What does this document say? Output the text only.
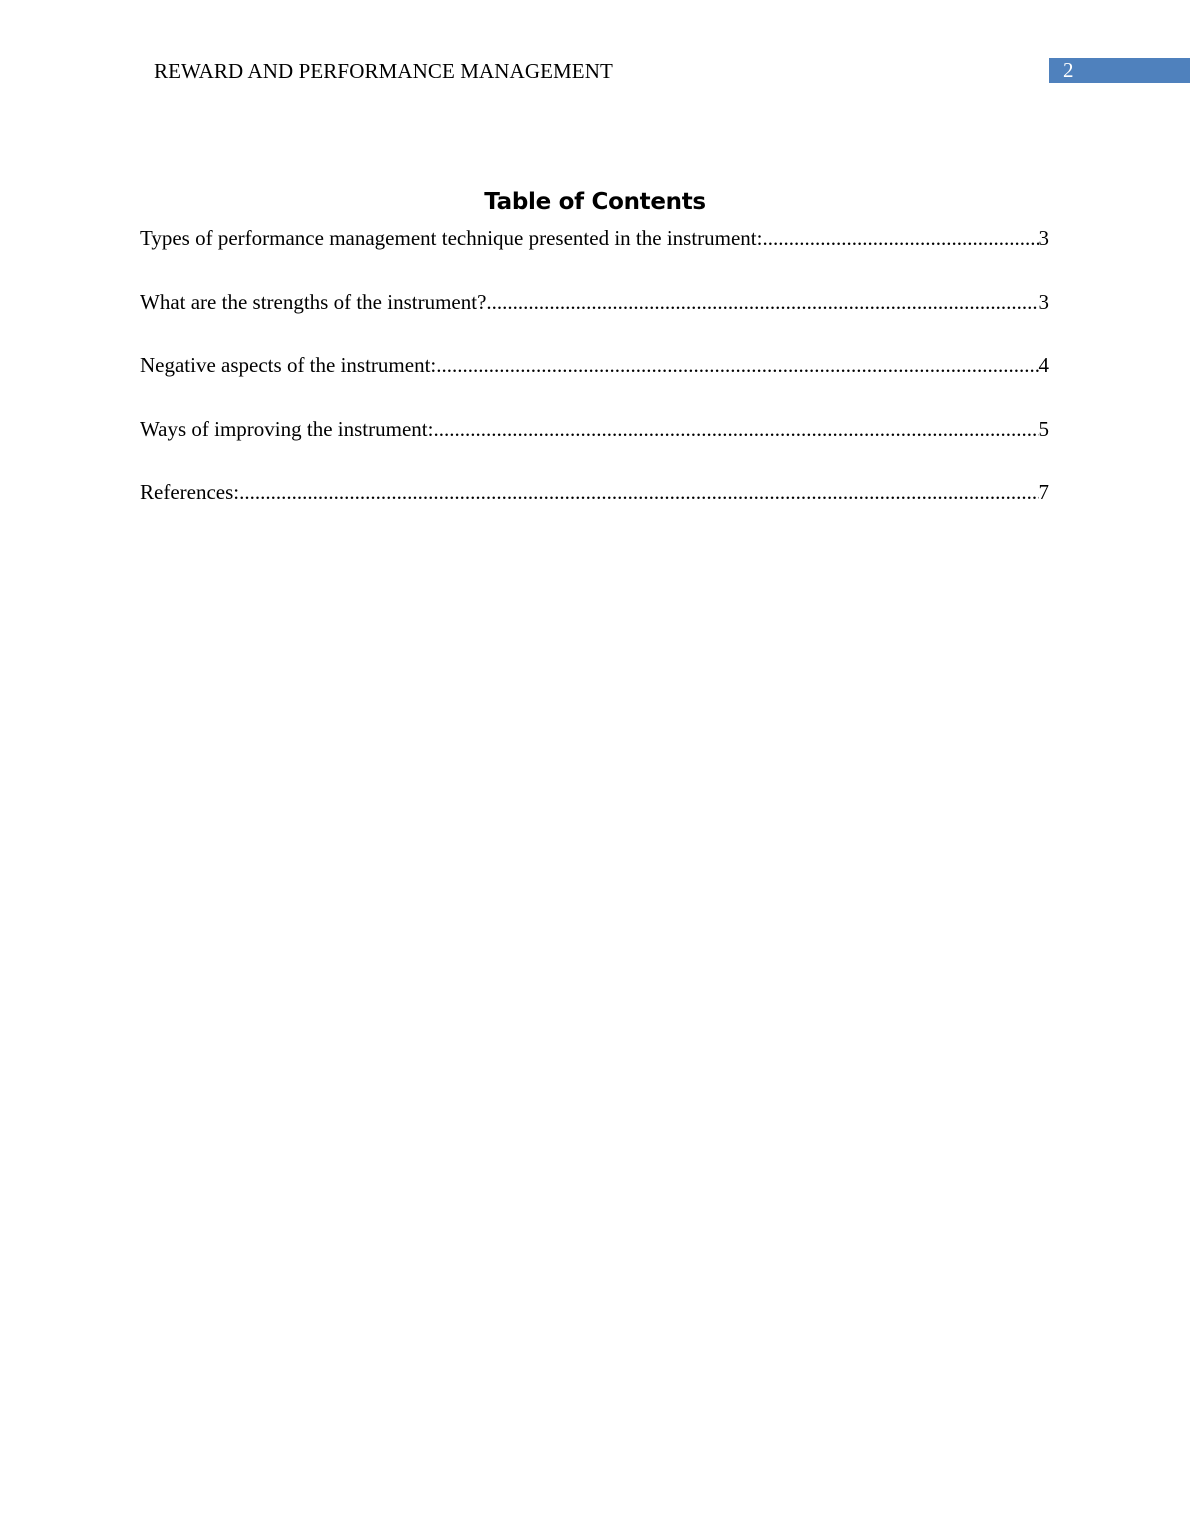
REWARD AND PERFORMANCE MANAGEMENT	2
Table of Contents
Types of performance management technique presented in the instrument: .....	3
What are the strengths of the instrument? .....	3
Negative aspects of the instrument: .....	4
Ways of improving the instrument: .....	5
References: .....	7
